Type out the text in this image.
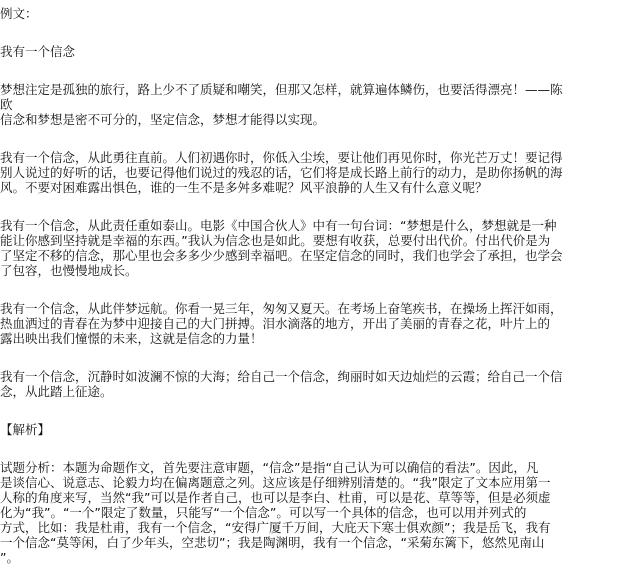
例文：
我有一个信念
梦想注定是孤独的旅行，路上少不了质疑和嘲笑，但那又怎样，就算遍体鳞伤，也要活得漂亮！——陈
欧
信念和梦想是密不可分的，坚定信念，梦想才能得以实现。
我有一个信念，从此勇往直前。人们初遇你时，你低入尘埃，要让他们再见你时，你光芒万丈！要记得
别人说过的好听的话，也要记得他们说过的残忍的话，它们将是成长路上前行的动力，是助你扬帆的海
风。不要对困难露出惧色，谁的一生不是多舛多难呢？风平浪静的人生又有什么意义呢？
我有一个信念，从此责任重如泰山。电影《中国合伙人》中有一句台词：“梦想是什么，梦想就是一种
能让你感到坚持就是幸福的东西。”我认为信念也是如此。要想有收获，总要付出代价。付出代价是为
了坚定不移的信念，那心里也会多多少少感到幸福吧。在坚定信念的同时，我们也学会了承担，也学会
了包容，也慢慢地成长。
我有一个信念，从此伴梦远航。你看一晃三年，匆匆又夏天。在考场上奋笔疾书，在操场上挥汗如雨，
热血洒过的青春在为梦中迎接自己的大门拼搏。泪水滴落的地方，开出了美丽的青春之花，叶片上的
露出映出我们憧憬的未来，这就是信念的力量！
我有一个信念，沉静时如波澜不惊的大海；给自己一个信念，绚丽时如天边灿烂的云霞；给自己一个信
念，从此踏上征途。
【解析】
试题分析：本题为命题作文，首先要注意审题，“信念”是指“自己认为可以确信的看法”。因此，凡
是谈信心、说意志、论毅力均在偏离题意之列。这应该是仔细辨别清楚的。“我”限定了文本应用第一
人称的角度来写，当然“我”可以是作者自己，也可以是李白、杜甫，可以是花、草等等，但是必须虚
化为“我”。“一个”限定了数量，只能写“一个信念”。可以写一个具体的信念，也可以用并列式的
方式，比如：我是杜甫，我有一个信念，“安得广厦千万间，大庇天下寒士俱欢颜”；我是岳飞，我有
一个信念“莫等闲，白了少年头，空悲切”；我是陶渊明，我有一个信念，“采菊东篱下，悠然见南山
”。
